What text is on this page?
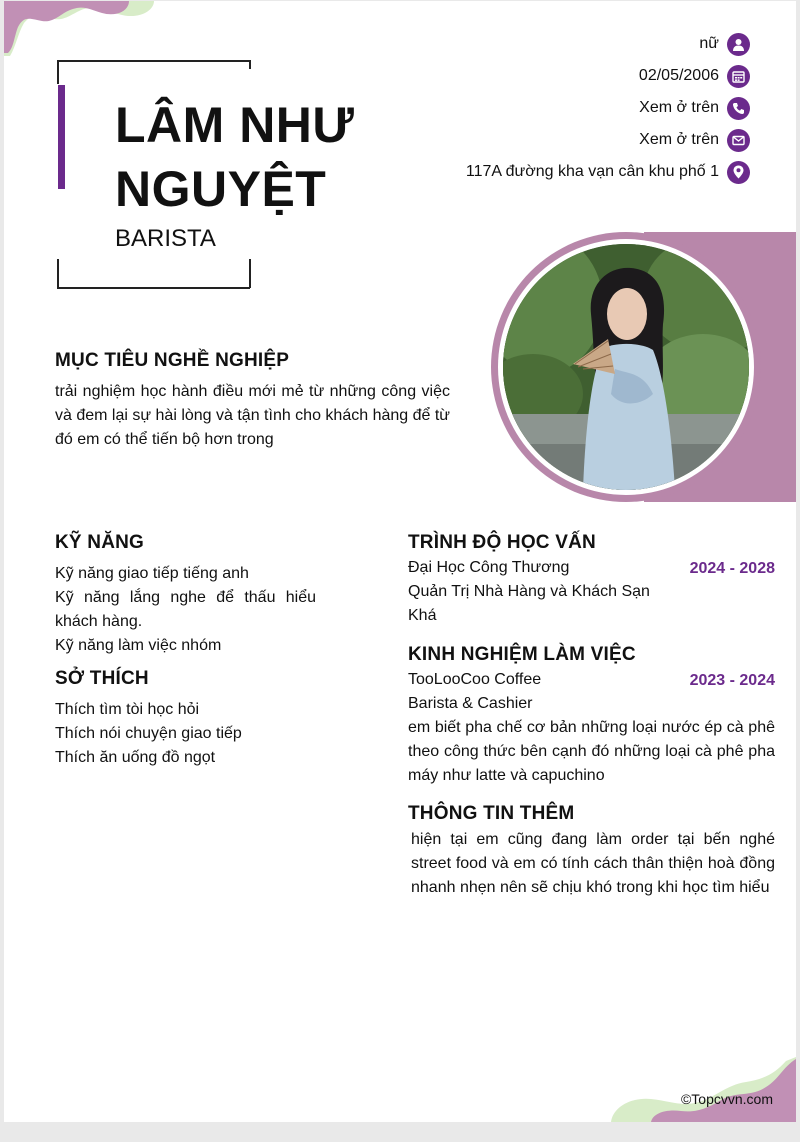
LÂM NHƯ NGUYỆT
BARISTA
nữ
02/05/2006
Xem ở trên
Xem ở trên
117A đường kha vạn cân khu phố 1
MỤC TIÊU NGHỀ NGHIỆP
trải nghiệm học hành điều mới mẻ từ những công việc và đem lại sự hài lòng và tận tình cho khách hàng để từ đó em có thể tiến bộ hơn trong
KỸ NĂNG
Kỹ năng giao tiếp tiếng anh
Kỹ năng lắng nghe để thấu hiểu khách hàng.
Kỹ năng làm việc nhóm
SỞ THÍCH
Thích tìm tòi học hỏi
Thích nói chuyện giao tiếp
Thích ăn uống đồ ngọt
TRÌNH ĐỘ HỌC VẤN
Đại Học Công Thương	2024 - 2028
Quản Trị Nhà Hàng và Khách Sạn
Khá
KINH NGHIỆM LÀM VIỆC
TooLooCoo Coffee	2023 - 2024
Barista & Cashier
em biết pha chế cơ bản những loại nước ép cà phê theo công thức bên cạnh đó những loại cà phê pha máy như latte và capuchino
THÔNG TIN THÊM
hiện tại em cũng đang làm order tại bến nghé street food và em có tính cách thân thiện hoà đồng nhanh nhẹn nên sẽ chịu khó trong khi học tìm hiểu
©Topcvvn.com
